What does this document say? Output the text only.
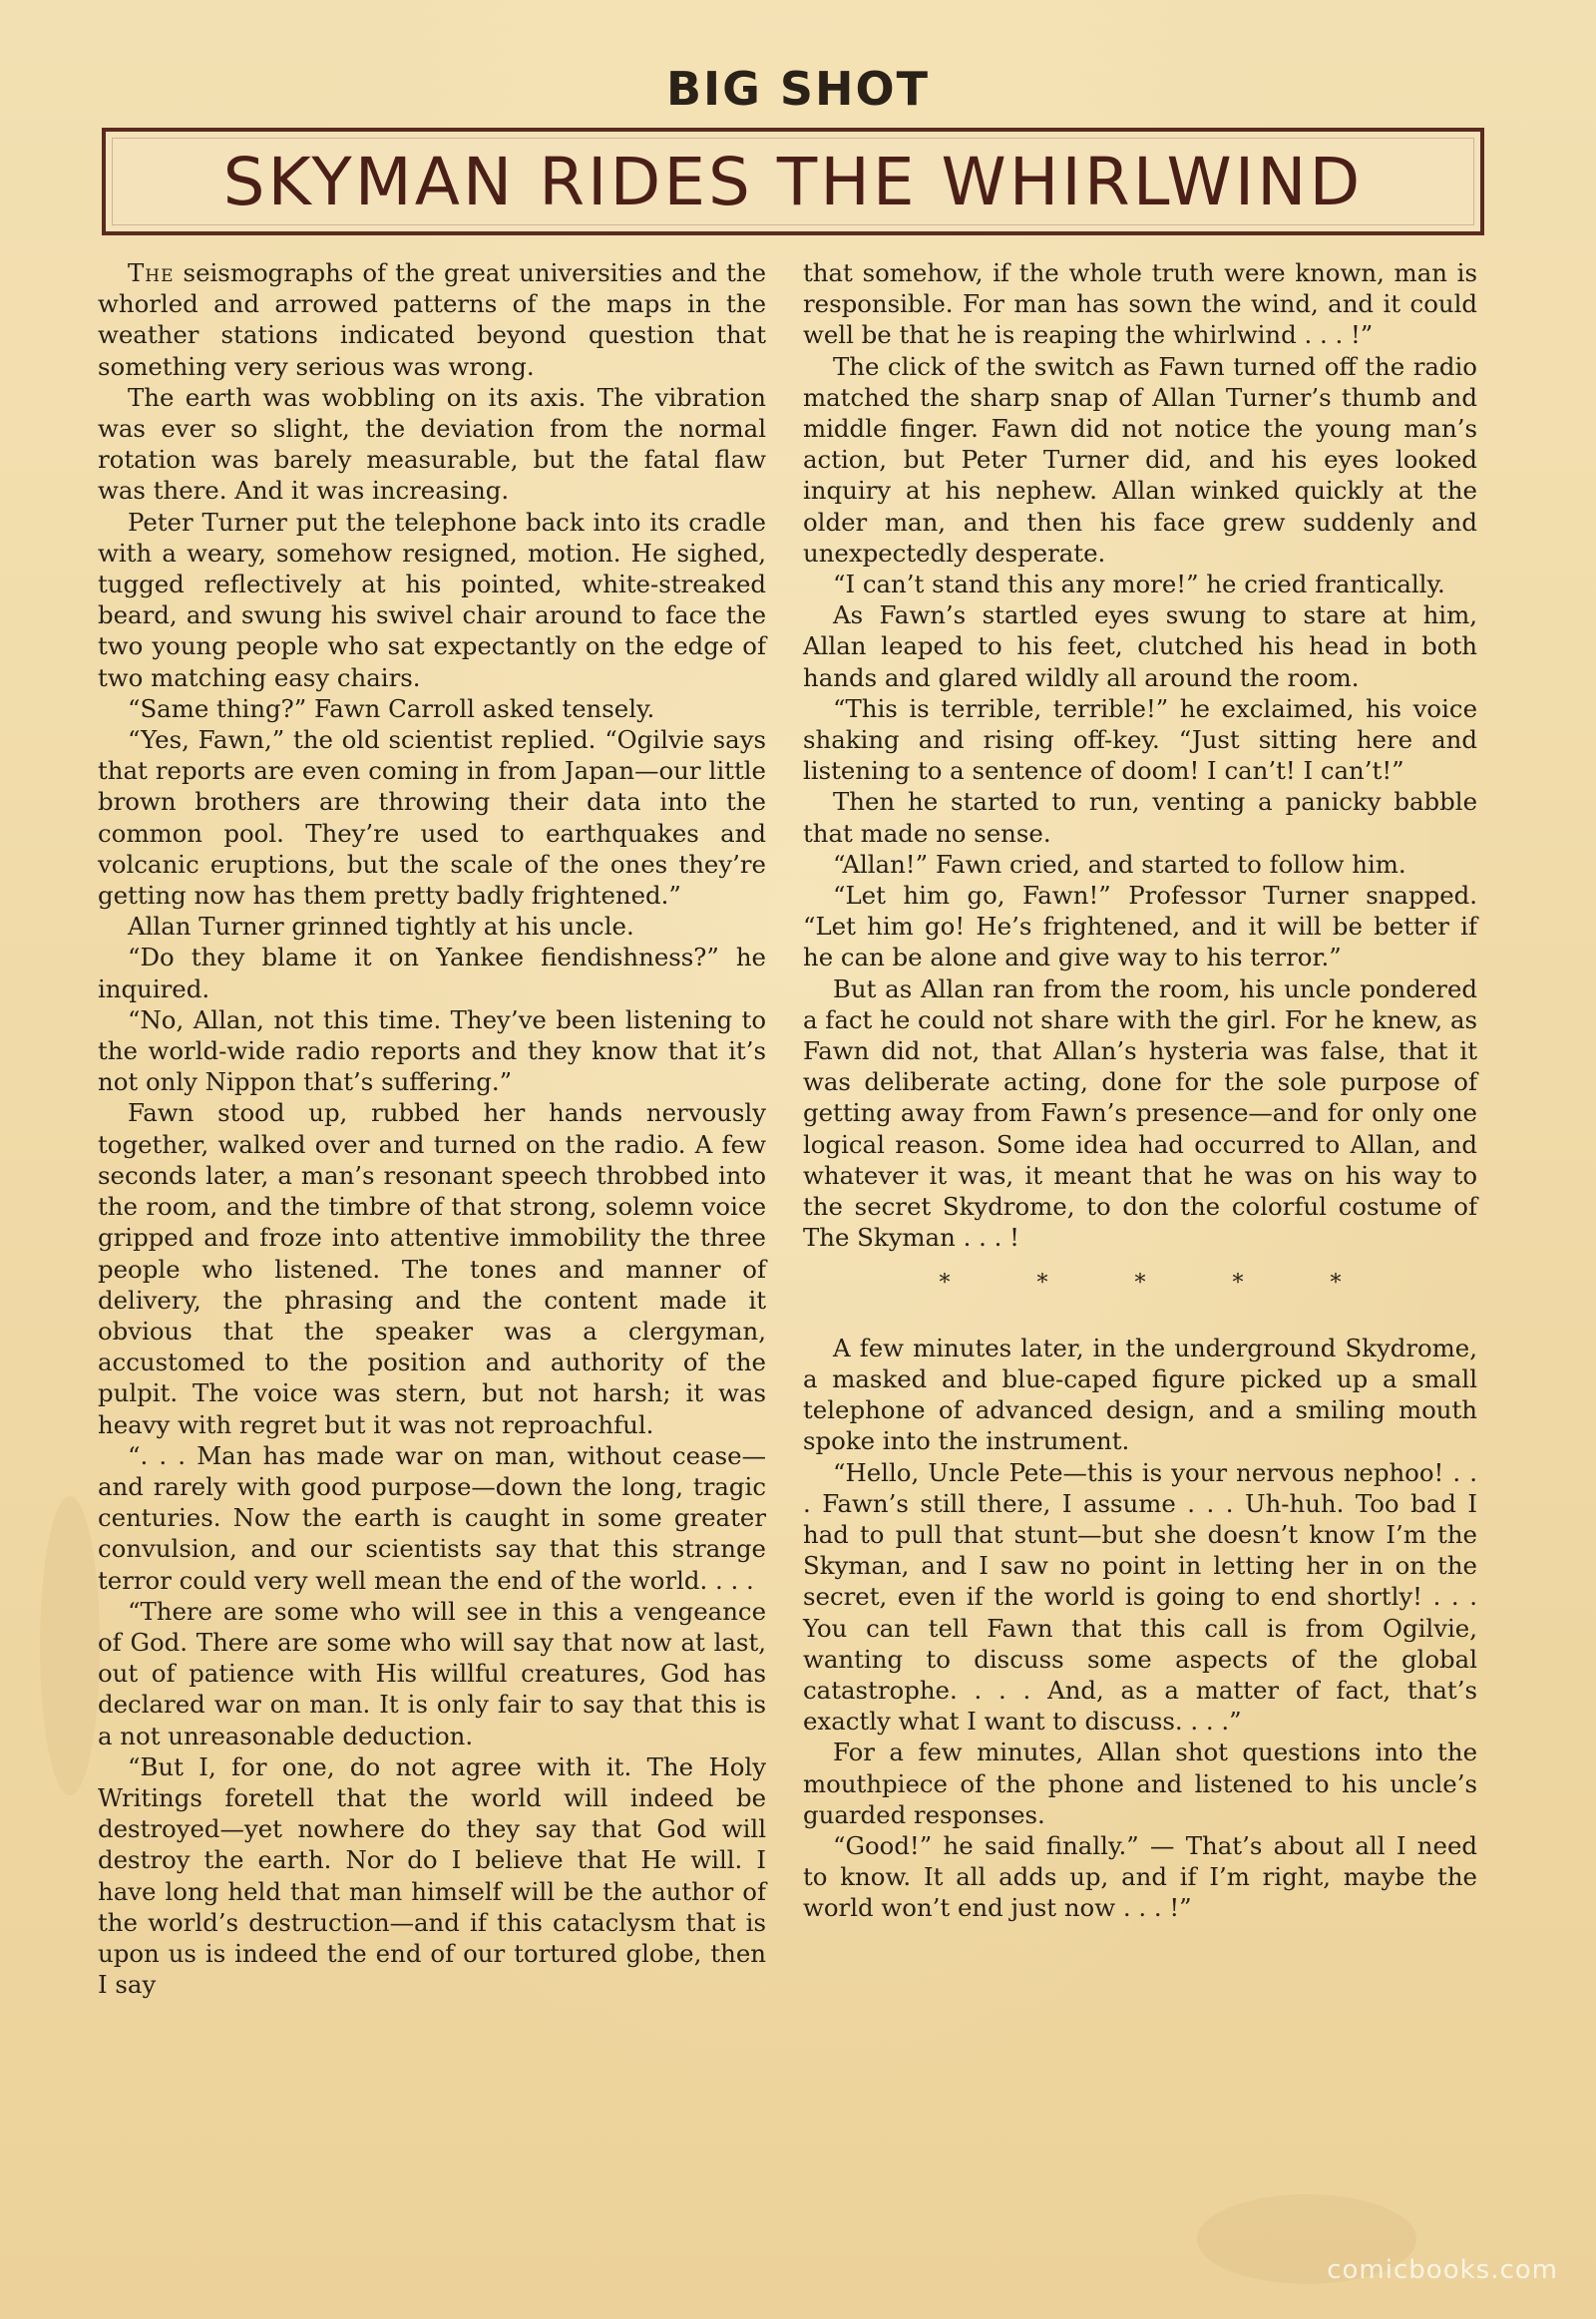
BIG SHOT
SKYMAN RIDES THE WHIRLWIND

The seismographs of the great universities and the whorled and arrowed patterns of the maps in the weather stations indicated beyond question that something very serious was wrong.

The earth was wobbling on its axis. The vibration was ever so slight, the deviation from the normal rotation was barely measurable, but the fatal flaw was there. And it was increasing.

Peter Turner put the telephone back into its cradle with a weary, somehow resigned, motion. He sighed, tugged reflectively at his pointed, white-streaked beard, and swung his swivel chair around to face the two young people who sat expectantly on the edge of two matching easy chairs.

“Same thing?” Fawn Carroll asked tensely.

“Yes, Fawn,” the old scientist replied. “Ogilvie says that reports are even coming in from Japan—our little brown brothers are throwing their data into the common pool. They’re used to earthquakes and volcanic eruptions, but the scale of the ones they’re getting now has them pretty badly frightened.”

Allan Turner grinned tightly at his uncle.

“Do they blame it on Yankee fiendishness?” he inquired.

“No, Allan, not this time. They’ve been listening to the world-wide radio reports and they know that it’s not only Nippon that’s suffering.”

Fawn stood up, rubbed her hands nervously together, walked over and turned on the radio. A few seconds later, a man’s resonant speech throbbed into the room, and the timbre of that strong, solemn voice gripped and froze into attentive immobility the three people who listened. The tones and manner of delivery, the phrasing and the content made it obvious that the speaker was a clergyman, accustomed to the position and authority of the pulpit. The voice was stern, but not harsh; it was heavy with regret but it was not reproachful.

“. . . Man has made war on man, without cease—and rarely with good purpose—down the long, tragic centuries. Now the earth is caught in some greater convulsion, and our scientists say that this strange terror could very well mean the end of the world. . . .

“There are some who will see in this a vengeance of God. There are some who will say that now at last, out of patience with His willful creatures, God has declared war on man. It is only fair to say that this is a not unreasonable deduction.

“But I, for one, do not agree with it. The Holy Writings foretell that the world will indeed be destroyed—yet nowhere do they say that God will destroy the earth. Nor do I believe that He will. I have long held that man himself will be the author of the world’s destruction—and if this cataclysm that is upon us is indeed the end of our tortured globe, then I say

that somehow, if the whole truth were known, man is responsible. For man has sown the wind, and it could well be that he is reaping the whirlwind . . . !”

The click of the switch as Fawn turned off the radio matched the sharp snap of Allan Turner’s thumb and middle finger. Fawn did not notice the young man’s action, but Peter Turner did, and his eyes looked inquiry at his nephew. Allan winked quickly at the older man, and then his face grew suddenly and unexpectedly desperate.

“I can’t stand this any more!” he cried frantically.

As Fawn’s startled eyes swung to stare at him, Allan leaped to his feet, clutched his head in both hands and glared wildly all around the room.

“This is terrible, terrible!” he exclaimed, his voice shaking and rising off-key. “Just sitting here and listening to a sentence of doom! I can’t! I can’t!”

Then he started to run, venting a panicky babble that made no sense.

“Allan!” Fawn cried, and started to follow him.

“Let him go, Fawn!” Professor Turner snapped. “Let him go! He’s frightened, and it will be better if he can be alone and give way to his terror.”

But as Allan ran from the room, his uncle pondered a fact he could not share with the girl. For he knew, as Fawn did not, that Allan’s hysteria was false, that it was deliberate acting, done for the sole purpose of getting away from Fawn’s presence—and for only one logical reason. Some idea had occurred to Allan, and whatever it was, it meant that he was on his way to the secret Skydrome, to don the colorful costume of The Skyman . . . !

* * * * *

A few minutes later, in the underground Skydrome, a masked and blue-caped figure picked up a small telephone of advanced design, and a smiling mouth spoke into the instrument.

“Hello, Uncle Pete—this is your nervous nephoo! . . . Fawn’s still there, I assume . . . Uh-huh. Too bad I had to pull that stunt—but she doesn’t know I’m the Skyman, and I saw no point in letting her in on the secret, even if the world is going to end shortly! . . . You can tell Fawn that this call is from Ogilvie, wanting to discuss some aspects of the global catastrophe. . . . And, as a matter of fact, that’s exactly what I want to discuss. . . .”

For a few minutes, Allan shot questions into the mouthpiece of the phone and listened to his uncle’s guarded responses.

“Good!” he said finally.” — That’s about all I need to know. It all adds up, and if I’m right, maybe the world won’t end just now . . . !”

comicbooks.com
